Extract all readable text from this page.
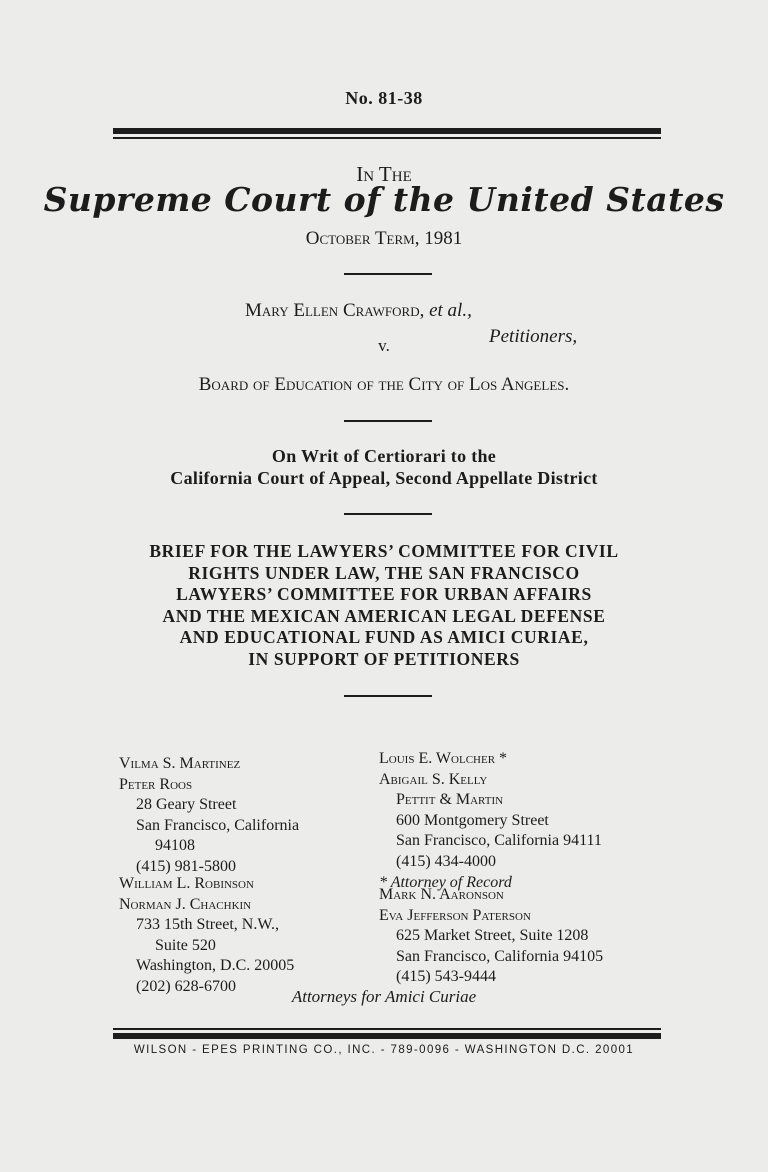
No. 81-38
In The
Supreme Court of the United States
October Term, 1981
Mary Ellen Crawford, et al.,
Petitioners,
v.
Board of Education of the City of Los Angeles.
On Writ of Certiorari to the
California Court of Appeal, Second Appellate District
BRIEF FOR THE LAWYERS’ COMMITTEE FOR CIVIL
RIGHTS UNDER LAW, THE SAN FRANCISCO
LAWYERS’ COMMITTEE FOR URBAN AFFAIRS
AND THE MEXICAN AMERICAN LEGAL DEFENSE
AND EDUCATIONAL FUND AS AMICI CURIAE,
IN SUPPORT OF PETITIONERS
Vilma S. Martinez
Peter Roos
28 Geary Street
San Francisco, California
94108
(415) 981-5800
William L. Robinson
Norman J. Chachkin
733 15th Street, N.W.,
Suite 520
Washington, D.C. 20005
(202) 628-6700
Louis E. Wolcher *
Abigail S. Kelly
Pettit & Martin
600 Montgomery Street
San Francisco, California 94111
(415) 434-4000
* Attorney of Record
Mark N. Aaronson
Eva Jefferson Paterson
625 Market Street, Suite 1208
San Francisco, California 94105
(415) 543-9444
Attorneys for Amici Curiae
WILSON - EPES PRINTING CO., INC. - 789-0096 - WASHINGTON D.C. 20001
